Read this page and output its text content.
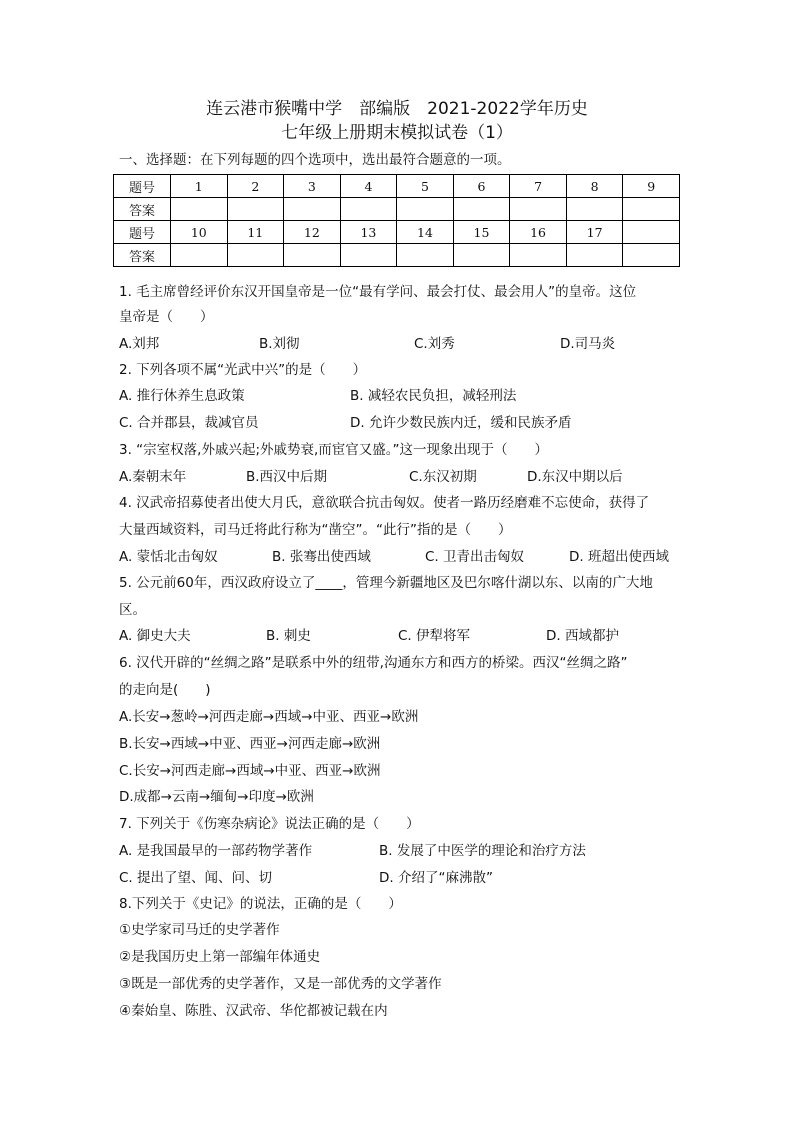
连云港市猴嘴中学　部编版　2021-2022学年历史
七年级上册期末模拟试卷（1）
一、选择题：在下列每题的四个选项中，选出最符合题意的一项。
题号	1	2	3	4	5	6	7	8	9
答案									
题号	10	11	12	13	14	15	16	17	
答案									
1. 毛主席曾经评价东汉开国皇帝是一位“最有学问、最会打仗、最会用人”的皇帝。这位
皇帝是（　　）
A.刘邦	B.刘彻	C.刘秀	D.司马炎
2. 下列各项不属“光武中兴”的是（　　）
A. 推行休养生息政策	B. 减轻农民负担，减轻刑法
C. 合并郡县，裁减官员	D. 允许少数民族内迁，缓和民族矛盾
3. “宗室权落,外戚兴起;外戚势衰,而宦官又盛。”这一现象出现于（　　）
A.秦朝末年	B.西汉中后期	C.东汉初期	D.东汉中期以后
4. 汉武帝招募使者出使大月氏，意欲联合抗击匈奴。使者一路历经磨难不忘使命，获得了
大量西域资料，司马迁将此行称为“凿空”。“此行”指的是（　　）
A. 蒙恬北击匈奴	B. 张骞出使西域	C. 卫青出击匈奴	D. 班超出使西域
5. 公元前60年，西汉政府设立了____，管理今新疆地区及巴尔喀什湖以东、以南的广大地
区。
A. 御史大夫	B. 刺史	C. 伊犁将军	D. 西域都护
6. 汉代开辟的“丝绸之路”是联系中外的纽带,沟通东方和西方的桥梁。西汉“丝绸之路”
的走向是(　　)
A.长安→葱岭→河西走廊→西域→中亚、西亚→欧洲
B.长安→西域→中亚、西亚→河西走廊→欧洲
C.长安→河西走廊→西域→中亚、西亚→欧洲
D.成都→云南→缅甸→印度→欧洲
7. 下列关于《伤寒杂病论》说法正确的是（　　）
A. 是我国最早的一部药物学著作	B. 发展了中医学的理论和治疗方法
C. 提出了望、闻、问、切	D. 介绍了“麻沸散”
8.下列关于《史记》的说法，正确的是（　　）
①史学家司马迁的史学著作
②是我国历史上第一部编年体通史
③既是一部优秀的史学著作，又是一部优秀的文学著作
④秦始皇、陈胜、汉武帝、华佗都被记载在内
